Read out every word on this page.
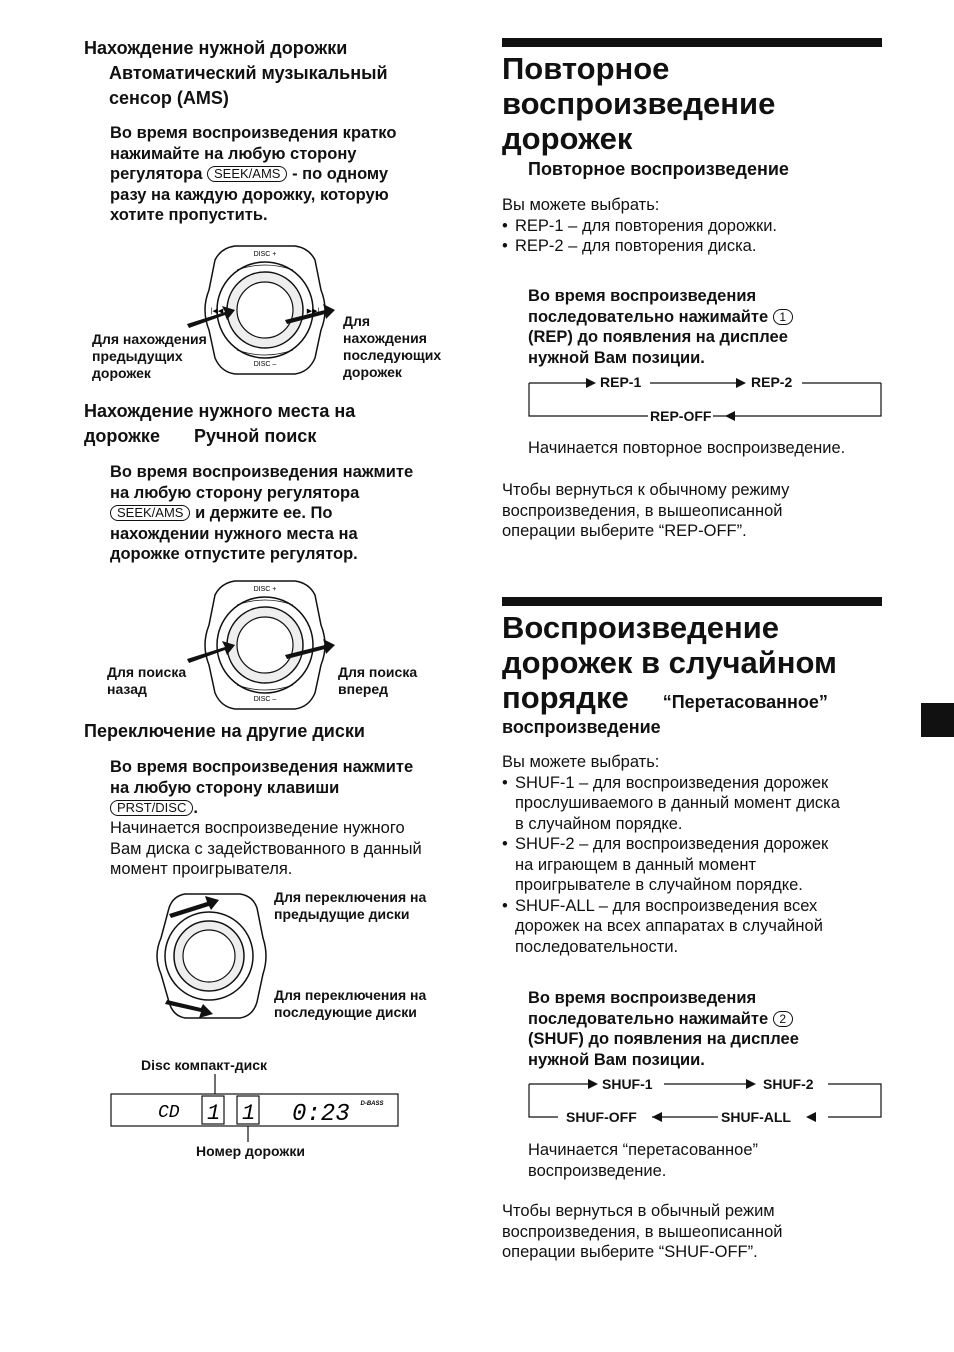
Нахождение нужной дорожки
Автоматический музыкальный
сенсор (AMS)
Во время воспроизведения кратко
нажимайте на любую сторону
регулятора SEEK/AMS - по одному
разу на каждую дорожку, которую
хотите пропустить.
DISC +
DISC –
|◀◀	▶▶|
Для нахождения
предыдущих
дорожек
Для
нахождения
последующих
дорожек
Нахождение нужного места на
дорожке Ручной поиск
Во время воспроизведения нажмите
на любую сторону регулятора
SEEK/AMS и держите ее. По
нахождении нужного места на
дорожке отпустите регулятор.
DISC +
DISC –
Для поиска
назад
Для поиска
вперед
Переключение на другие диски
Во время воспроизведения нажмите
на любую сторону клавиши
PRST/DISC .
Начинается воспроизведение нужного
Вам диска с задействованного в данный
момент проигрывателя.
Для переключения на
предыдущие диски
Для переключения на
последующие диски
Disc компакт-диск
CD 1 1 0:23 D-BASS
Номер дорожки
Повторное
воспроизведение
дорожек
Повторное воспроизведение
Вы можете выбрать:
• REP-1 – для повторения дорожки.
• REP-2 – для повторения диска.
Во время воспроизведения
последовательно нажимайте 1
(REP) до появления на дисплее
нужной Вам позиции.
REP-1	REP-2
REP-OFF
Начинается повторное воспроизведение.
Чтобы вернуться к обычному режиму
воспроизведения, в вышеописанной
операции выберите “REP-OFF”.
Воспроизведение
дорожек в случайном
порядке “Перетасованное”
воспроизведение
Вы можете выбрать:
• SHUF-1 – для воспроизведения дорожек
прослушиваемого в данный момент диска
в случайном порядке.
• SHUF-2 – для воспроизведения дорожек
на играющем в данный момент
проигрывателе в случайном порядке.
• SHUF-ALL – для воспроизведения всех
дорожек на всех аппаратах в случайной
последовательности.
Во время воспроизведения
последовательно нажимайте 2
(SHUF) до появления на дисплее
нужной Вам позиции.
SHUF-1	SHUF-2
SHUF-OFF	SHUF-ALL
Начинается “перетасованное”
воспроизведение.
Чтобы вернуться в обычный режим
воспроизведения, в вышеописанной
операции выберите “SHUF-OFF”.
